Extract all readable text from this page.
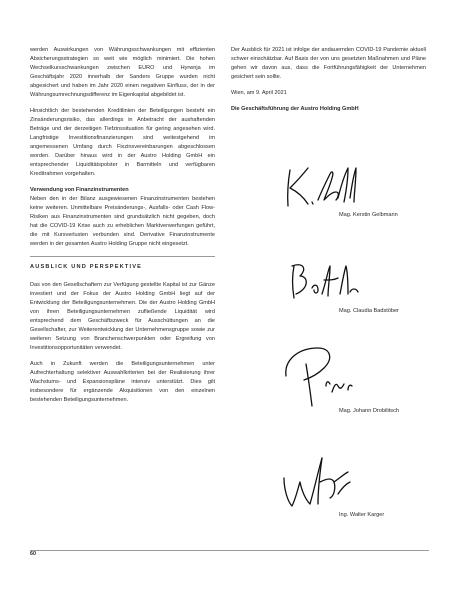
werden Auswirkungen von Währungsschwankungen mit effizienten Absicherungsstrategien so weit wie möglich minimiert. Die hohen Wechselkursschwankungen zwischen EURO und Hyrwnja im Geschäftsjahr 2020 innerhalb der Sanders Gruppe wurden nicht abgesichert und haben im Jahr 2020 einen negativen Einfluss, der in der Währungsumrechnungsdifferenz im Eigenkapital abgebildet ist.

Hinsichtlich der bestehenden Kreditlinien der Beteiligungen besteht ein Zinsänderungsrisiko, das allerdings in Anbetracht der aushaftenden Beträge und der derzeitigen Tiefzinssituation für gering angesehen wird. Langfristige Investitionsfinanzierungen sind weitestgehend im angemessenen Umfang durch Fixzinsvereinbarungen abgeschlossen worden. Darüber hinaus wird in der Austro Holding GmbH ein entsprechender Liquiditätspolster in Barmitteln und verfügbaren Kreditrahmen vorgehalten.

Verwendung von Finanzinstrumenten

Neben den in der Bilanz ausgewiesenen Finanzinstrumenten bestehen keine weiteren. Unmittelbare Preisänderungs-, Ausfalls- oder Cash Flow-Risiken aus Finanzinstrumenten sind grundsätzlich nicht gegeben, doch hat die COVID-19 Krise auch zu erheblichen Marktverwerfungen geführt, die mit Kursverlusten verbunden sind. Derivative Finanzinstrumente werden in der gesamten Austro Holding Gruppe nicht eingesetzt.

AUSBLICK UND PERSPEKTIVE

Das von den Gesellschaftern zur Verfügung gestellte Kapital ist zur Gänze investiert und der Fokus der Austro Holding GmbH liegt auf der Entwicklung der Beteiligungsunternehmen. Die der Austro Holding GmbH von ihren Beteiligungsunternehmen zufließende Liquidität wird entsprechend dem Geschäftszweck für Ausschüttungen an die Gesellschafter, zur Weiterentwicklung der Unternehmensgruppe sowie zur weiteren Setzung von Branchenschwerpunkten oder Ergreifung von Investitionsopportunitäten verwendet.

Auch in Zukunft werden die Beteiligungsunternehmen unter Aufrechterhaltung selektiver Auswahlkriterien bei der Realisierung ihrer Wachstums- und Expansionspläne intensiv unterstützt. Dies gilt insbesondere für ergänzende Akquisitionen von den einzelnen bestehenden Beteiligungsunternehmen.

Der Ausblick für 2021 ist infolge der andauernden COVID-19 Pandemie aktuell schwer einschätzbar. Auf Basis der von uns gesetzten Maßnahmen und Pläne gehen wir davon aus, dass die Fortführungsfähigkeit der Unternehmen gesichert sein sollte.

Wien, am 9. April 2021

Die Geschäftsführung der Austro Holding GmbH

Mag. Kerstin Gelbmann
Mag. Claudia Badstöber
Mag. Johann Drobilitsch
Ing. Walter Karger
60
